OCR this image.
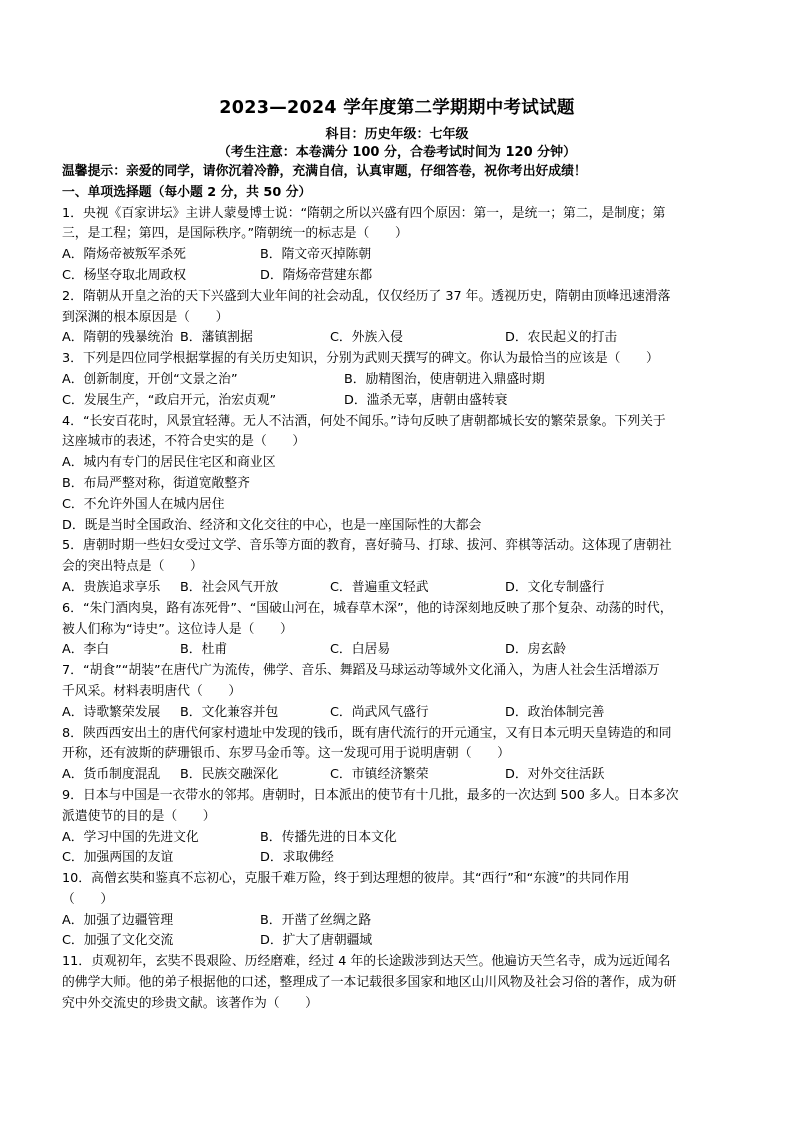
2023—2024 学年度第二学期期中考试试题
科目：历史年级：七年级
（考生注意：本卷满分 100 分，合卷考试时间为 120 分钟）
温馨提示：亲爱的同学，请你沉着冷静，充满自信，认真审题，仔细答卷，祝你考出好成绩！
一、单项选择题（每小题 2 分，共 50 分）
1．央视《百家讲坛》主讲人蒙曼博士说：“隋朝之所以兴盛有四个原因：第一，是统一；第二，是制度；第
三，是工程；第四，是国际秩序。”隋朝统一的标志是（　　）
A．隋炀帝被叛军杀死	B．隋文帝灭掉陈朝
C．杨坚夺取北周政权	D．隋炀帝营建东都
2．隋朝从开皇之治的天下兴盛到大业年间的社会动乱，仅仅经历了 37 年。透视历史，隋朝由顶峰迅速滑落
到深渊的根本原因是（　　）
A．隋朝的残暴统治 B．藩镇割据	C．外族入侵	D．农民起义的打击
3．下列是四位同学根据掌握的有关历史知识，分别为武则天撰写的碑文。你认为最恰当的应该是（　　）
A．创新制度，开创“文景之治”	B．励精图治，使唐朝进入鼎盛时期
C．发展生产，“政启开元，治宏贞观”	D．滥杀无辜，唐朝由盛转衰
4．“长安百花时，风景宜轻薄。无人不沽酒，何处不闻乐。”诗句反映了唐朝都城长安的繁荣景象。下列关于
这座城市的表述，不符合史实的是（　　）
A．城内有专门的居民住宅区和商业区
B．布局严整对称，街道宽敞整齐
C．不允许外国人在城内居住
D．既是当时全国政治、经济和文化交往的中心，也是一座国际性的大都会
5．唐朝时期一些妇女受过文学、音乐等方面的教育，喜好骑马、打球、拔河、弈棋等活动。这体现了唐朝社
会的突出特点是（　　）
A．贵族追求享乐	B．社会风气开放	C．普遍重文轻武	D．文化专制盛行
6．“朱门酒肉臭，路有冻死骨”、“国破山河在，城春草木深”，他的诗深刻地反映了那个复杂、动荡的时代，
被人们称为“诗史”。这位诗人是（　　）
A．李白	B．杜甫	C．白居易	D．房玄龄
7．“胡食”“胡装”在唐代广为流传，佛学、音乐、舞蹈及马球运动等域外文化涌入，为唐人社会生活增添万
千风采。材料表明唐代（　　）
A．诗歌繁荣发展	B．文化兼容并包	C．尚武风气盛行	D．政治体制完善
8．陕西西安出土的唐代何家村遗址中发现的钱币，既有唐代流行的开元通宝，又有日本元明天皇铸造的和同
开称，还有波斯的萨珊银币、东罗马金币等。这一发现可用于说明唐朝（　　）
A．货币制度混乱	B．民族交融深化	C．市镇经济繁荣	D．对外交往活跃
9．日本与中国是一衣带水的邻邦。唐朝时，日本派出的使节有十几批，最多的一次达到 500 多人。日本多次
派遣使节的目的是（　　）
A．学习中国的先进文化	B．传播先进的日本文化
C．加强两国的友谊	D．求取佛经
10．高僧玄奘和鉴真不忘初心，克服千难万险，终于到达理想的彼岸。其“西行”和“东渡”的共同作用
（　　）
A．加强了边疆管理	B．开凿了丝绸之路
C．加强了文化交流	D．扩大了唐朝疆域
11．贞观初年，玄奘不畏艰险、历经磨难，经过 4 年的长途跋涉到达天竺。他遍访天竺名寺，成为远近闻名
的佛学大师。他的弟子根据他的口述，整理成了一本记载很多国家和地区山川风物及社会习俗的著作，成为研
究中外交流史的珍贵文献。该著作为（　　）
